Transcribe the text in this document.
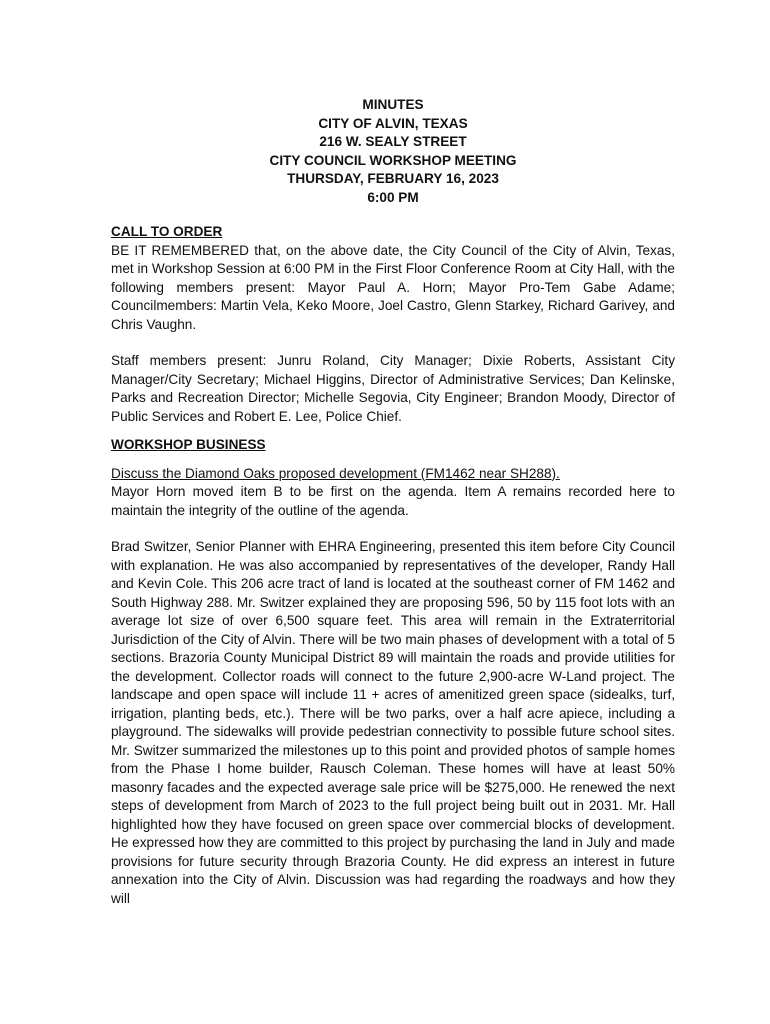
MINUTES
CITY OF ALVIN, TEXAS
216 W. SEALY STREET
CITY COUNCIL WORKSHOP MEETING
THURSDAY, FEBRUARY 16, 2023
6:00 PM
CALL TO ORDER

BE IT REMEMBERED that, on the above date, the City Council of the City of Alvin, Texas, met in Workshop Session at 6:00 PM in the First Floor Conference Room at City Hall, with the following members present: Mayor Paul A. Horn; Mayor Pro-Tem Gabe Adame; Councilmembers: Martin Vela, Keko Moore, Joel Castro, Glenn Starkey, Richard Garivey, and Chris Vaughn.

Staff members present: Junru Roland, City Manager; Dixie Roberts, Assistant City Manager/City Secretary; Michael Higgins, Director of Administrative Services; Dan Kelinske, Parks and Recreation Director; Michelle Segovia, City Engineer; Brandon Moody, Director of Public Services and Robert E. Lee, Police Chief.

WORKSHOP BUSINESS

Discuss the Diamond Oaks proposed development (FM1462 near SH288).

Mayor Horn moved item B to be first on the agenda. Item A remains recorded here to maintain the integrity of the outline of the agenda.

Brad Switzer, Senior Planner with EHRA Engineering, presented this item before City Council with explanation. He was also accompanied by representatives of the developer, Randy Hall and Kevin Cole. This 206 acre tract of land is located at the southeast corner of FM 1462 and South Highway 288. Mr. Switzer explained they are proposing 596, 50 by 115 foot lots with an average lot size of over 6,500 square feet. This area will remain in the Extraterritorial Jurisdiction of the City of Alvin. There will be two main phases of development with a total of 5 sections. Brazoria County Municipal District 89 will maintain the roads and provide utilities for the development. Collector roads will connect to the future 2,900-acre W-Land project. The landscape and open space will include 11 + acres of amenitized green space (sidealks, turf, irrigation, planting beds, etc.). There will be two parks, over a half acre apiece, including a playground. The sidewalks will provide pedestrian connectivity to possible future school sites. Mr. Switzer summarized the milestones up to this point and provided photos of sample homes from the Phase I home builder, Rausch Coleman. These homes will have at least 50% masonry facades and the expected average sale price will be $275,000. He renewed the next steps of development from March of 2023 to the full project being built out in 2031. Mr. Hall highlighted how they have focused on green space over commercial blocks of development. He expressed how they are committed to this project by purchasing the land in July and made provisions for future security through Brazoria County. He did express an interest in future annexation into the City of Alvin. Discussion was had regarding the roadways and how they will
